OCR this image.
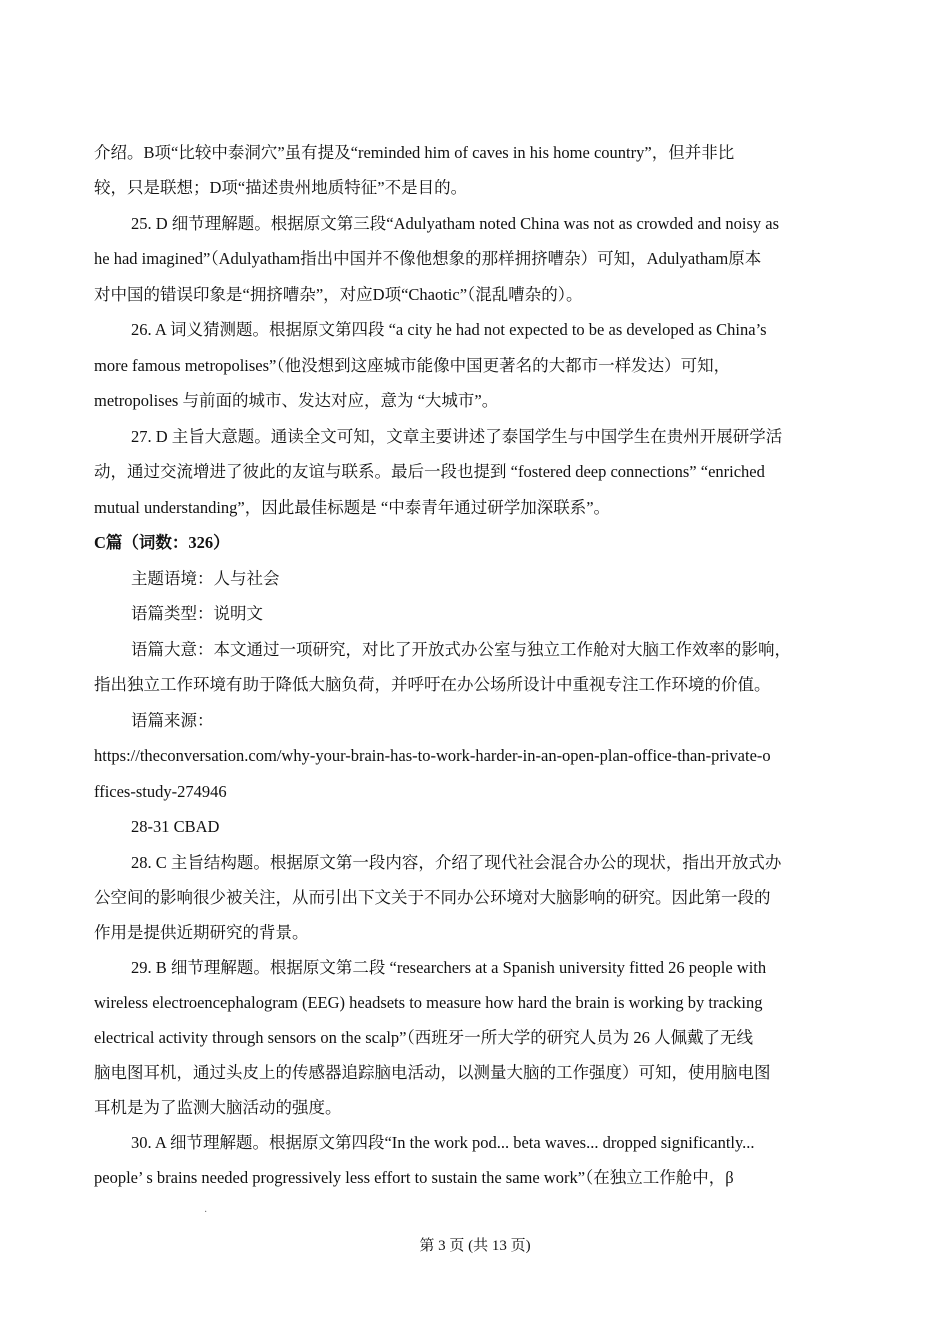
介绍。B项“比较中泰洞穴”虽有提及“reminded him of caves in his home country”，但并非比
较，只是联想；D项“描述贵州地质特征”不是目的。
25. D 细节理解题。根据原文第三段“Adulyatham noted China was not as crowded and noisy as
he had imagined”（Adulyatham指出中国并不像他想象的那样拥挤嘈杂）可知，Adulyatham原本
对中国的错误印象是“拥挤嘈杂”，对应D项“Chaotic”（混乱嘈杂的）。
26. A 词义猜测题。根据原文第四段 “a city he had not expected to be as developed as China’s
more famous metropolises”（他没想到这座城市能像中国更著名的大都市一样发达）可知，
metropolises 与前面的城市、发达对应，意为 “大城市”。
27. D 主旨大意题。通读全文可知，文章主要讲述了泰国学生与中国学生在贵州开展研学活
动，通过交流增进了彼此的友谊与联系。最后一段也提到 “fostered deep connections” “enriched
mutual understanding”，因此最佳标题是 “中泰青年通过研学加深联系”。
C篇（词数：326）
主题语境：人与社会
语篇类型：说明文
语篇大意：本文通过一项研究，对比了开放式办公室与独立工作舱对大脑工作效率的影响，
指出独立工作环境有助于降低大脑负荷，并呼吁在办公场所设计中重视专注工作环境的价值。
语篇来源：
https://theconversation.com/why-your-brain-has-to-work-harder-in-an-open-plan-office-than-private-o
ffices-study-274946
28-31 CBAD
28. C 主旨结构题。根据原文第一段内容，介绍了现代社会混合办公的现状，指出开放式办
公空间的影响很少被关注，从而引出下文关于不同办公环境对大脑影响的研究。因此第一段的
作用是提供近期研究的背景。
29. B 细节理解题。根据原文第二段 “researchers at a Spanish university fitted 26 people with
wireless electroencephalogram (EEG) headsets to measure how hard the brain is working by tracking
electrical activity through sensors on the scalp”（西班牙一所大学的研究人员为 26 人佩戴了无线
脑电图耳机，通过头皮上的传感器追踪脑电活动，以测量大脑的工作强度）可知，使用脑电图
耳机是为了监测大脑活动的强度。
30. A 细节理解题。根据原文第四段“In the work pod... beta waves... dropped significantly...
people’ s brains needed progressively less effort to sustain the same work”（在独立工作舱中，β
·
第 3 页 (共 13 页)
